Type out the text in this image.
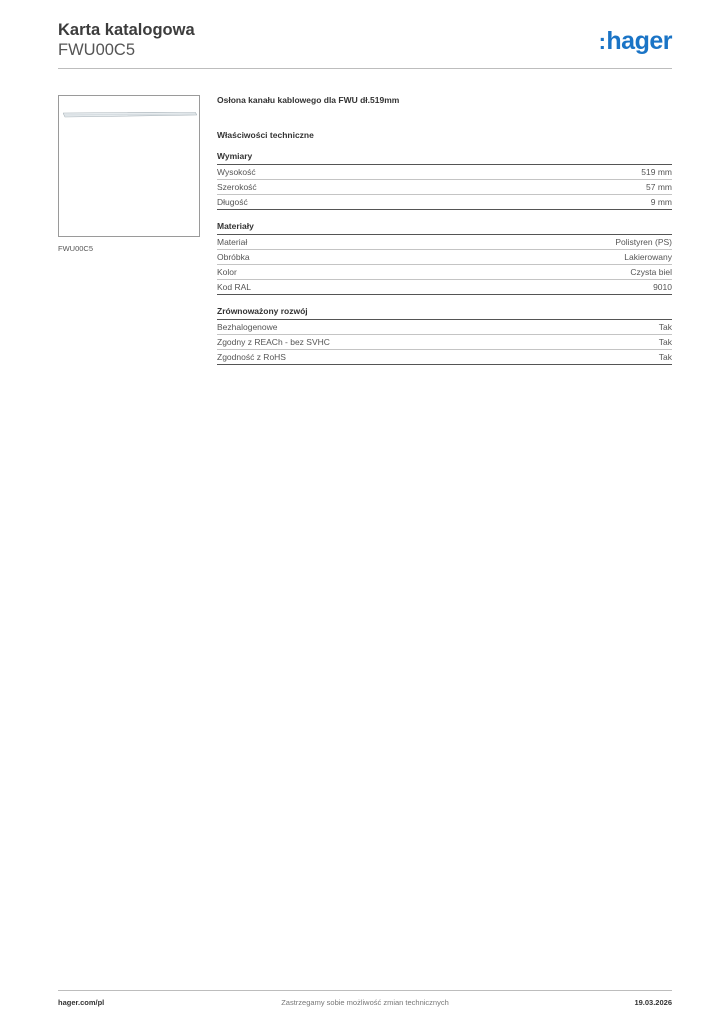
Karta katalogowa
FWU00C5	:hager
FWU00C5
Osłona kanału kablowego dla FWU dł.519mm
Właściwości techniczne
Wymiary
Wysokość	519 mm
Szerokość	57 mm
Długość	9 mm
Materiały
Materiał	Polistyren (PS)
Obróbka	Lakierowany
Kolor	Czysta biel
Kod RAL	9010
Zrównoważony rozwój
Bezhalogenowe	Tak
Zgodny z REACh - bez SVHC	Tak
Zgodność z RoHS	Tak
hager.com/pl	Zastrzegamy sobie możliwość zmian technicznych	19.03.2026
